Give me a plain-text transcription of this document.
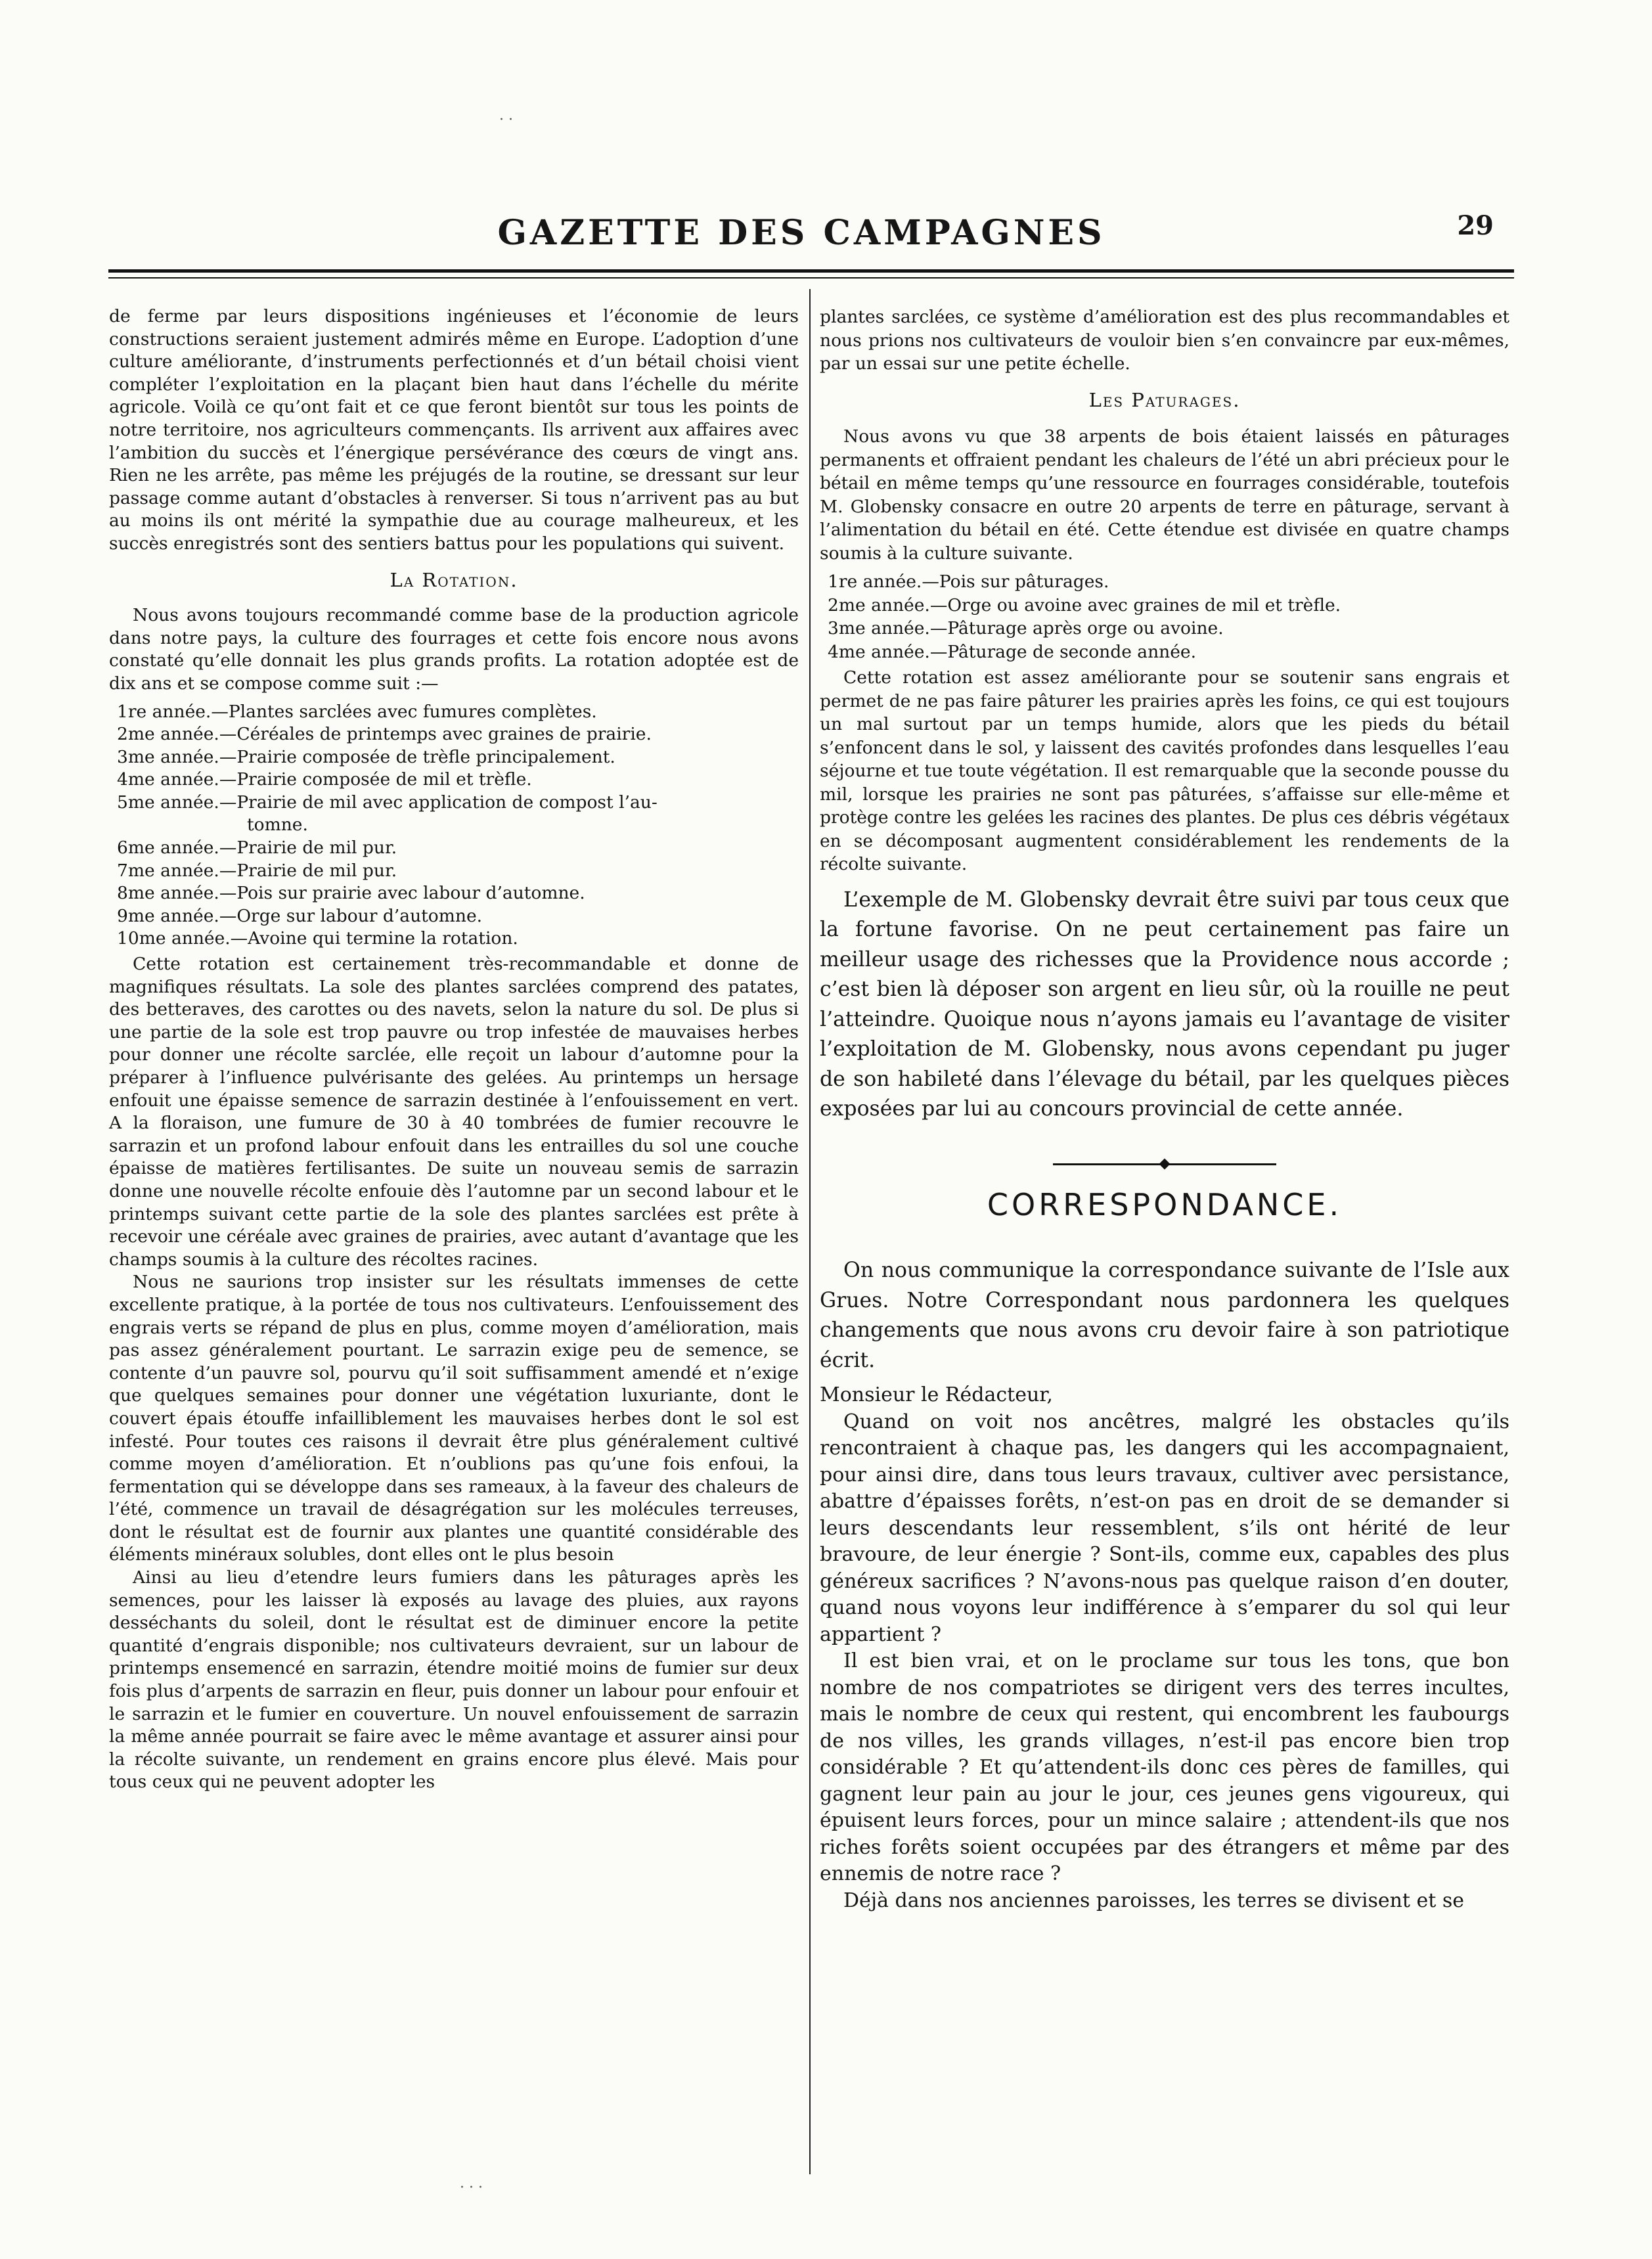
· ·
GAZETTE DES CAMPAGNES	29

de ferme par leurs dispositions ingénieuses et l’économie de leurs constructions seraient justement admirés même en Europe. L’adoption d’une culture améliorante, d’instruments perfectionnés et d’un bétail choisi vient compléter l’exploitation en la plaçant bien haut dans l’échelle du mérite agricole. Voilà ce qu’ont fait et ce que feront bientôt sur tous les points de notre territoire, nos agriculteurs commençants. Ils arrivent aux affaires avec l’ambition du succès et l’énergique persévérance des cœurs de vingt ans. Rien ne les arrête, pas même les préjugés de la routine, se dressant sur leur passage comme autant d’obstacles à renverser. Si tous n’arrivent pas au but au moins ils ont mérité la sympathie due au courage malheureux, et les succès enregistrés sont des sentiers battus pour les populations qui suivent.

La Rotation.

Nous avons toujours recommandé comme base de la production agricole dans notre pays, la culture des fourrages et cette fois encore nous avons constaté qu’elle donnait les plus grands profits. La rotation adoptée est de dix ans et se compose comme suit :—

1re année.—Plantes sarclées avec fumures complètes.
2me année.—Céréales de printemps avec graines de prairie.
3me année.—Prairie composée de trèfle principalement.
4me année.—Prairie composée de mil et trèfle.
5me année.—Prairie de mil avec application de compost l’au-
tomne.
6me année.—Prairie de mil pur.
7me année.—Prairie de mil pur.
8me année.—Pois sur prairie avec labour d’automne.
9me année.—Orge sur labour d’automne.
10me année.—Avoine qui termine la rotation.

Cette rotation est certainement très-recommandable et donne de magnifiques résultats. La sole des plantes sarclées comprend des patates, des betteraves, des carottes ou des navets, selon la nature du sol. De plus si une partie de la sole est trop pauvre ou trop infestée de mauvaises herbes pour donner une récolte sarclée, elle reçoit un labour d’automne pour la préparer à l’influence pulvérisante des gelées. Au printemps un hersage enfouit une épaisse semence de sarrazin destinée à l’enfouissement en vert. A la floraison, une fumure de 30 à 40 tombrées de fumier recouvre le sarrazin et un profond labour enfouit dans les entrailles du sol une couche épaisse de matières fertilisantes. De suite un nouveau semis de sarrazin donne une nouvelle récolte enfouie dès l’automne par un second labour et le printemps suivant cette partie de la sole des plantes sarclées est prête à recevoir une céréale avec graines de prairies, avec autant d’avantage que les champs soumis à la culture des récoltes racines.

Nous ne saurions trop insister sur les résultats immenses de cette excellente pratique, à la portée de tous nos cultivateurs. L’enfouissement des engrais verts se répand de plus en plus, comme moyen d’amélioration, mais pas assez généralement pourtant. Le sarrazin exige peu de semence, se contente d’un pauvre sol, pourvu qu’il soit suffisamment amendé et n’exige que quelques semaines pour donner une végétation luxuriante, dont le couvert épais étouffe infailliblement les mauvaises herbes dont le sol est infesté. Pour toutes ces raisons il devrait être plus généralement cultivé comme moyen d’amélioration. Et n’oublions pas qu’une fois enfoui, la fermentation qui se développe dans ses rameaux, à la faveur des chaleurs de l’été, commence un travail de désagrégation sur les molécules terreuses, dont le résultat est de fournir aux plantes une quantité considérable des éléments minéraux solubles, dont elles ont le plus besoin

Ainsi au lieu d’etendre leurs fumiers dans les pâturages après les semences, pour les laisser là exposés au lavage des pluies, aux rayons desséchants du soleil, dont le résultat est de diminuer encore la petite quantité d’engrais disponible; nos cultivateurs devraient, sur un labour de printemps ensemencé en sarrazin, étendre moitié moins de fumier sur deux fois plus d’arpents de sarrazin en fleur, puis donner un labour pour enfouir et le sarrazin et le fumier en couverture. Un nouvel enfouissement de sarrazin la même année pourrait se faire avec le même avantage et assurer ainsi pour la récolte suivante, un rendement en grains encore plus élevé. Mais pour tous ceux qui ne peuvent adopter les

plantes sarclées, ce système d’amélioration est des plus recommandables et nous prions nos cultivateurs de vouloir bien s’en convaincre par eux-mêmes, par un essai sur une petite échelle.

Les Paturages.

Nous avons vu que 38 arpents de bois étaient laissés en pâturages permanents et offraient pendant les chaleurs de l’été un abri précieux pour le bétail en même temps qu’une ressource en fourrages considérable, toutefois M. Globensky consacre en outre 20 arpents de terre en pâturage, servant à l’alimentation du bétail en été. Cette étendue est divisée en quatre champs soumis à la culture suivante.

1re année.—Pois sur pâturages.
2me année.—Orge ou avoine avec graines de mil et trèfle.
3me année.—Pâturage après orge ou avoine.
4me année.—Pâturage de seconde année.

Cette rotation est assez améliorante pour se soutenir sans engrais et permet de ne pas faire pâturer les prairies après les foins, ce qui est toujours un mal surtout par un temps humide, alors que les pieds du bétail s’enfoncent dans le sol, y laissent des cavités profondes dans lesquelles l’eau séjourne et tue toute végétation. Il est remarquable que la seconde pousse du mil, lorsque les prairies ne sont pas pâturées, s’affaisse sur elle-même et protège contre les gelées les racines des plantes. De plus ces débris végétaux en se décomposant augmentent considérablement les rendements de la récolte suivante.

L’exemple de M. Globensky devrait être suivi par tous ceux que la fortune favorise. On ne peut certainement pas faire un meilleur usage des richesses que la Providence nous accorde ; c’est bien là déposer son argent en lieu sûr, où la rouille ne peut l’atteindre. Quoique nous n’ayons jamais eu l’avantage de visiter l’exploitation de M. Globensky, nous avons cependant pu juger de son habileté dans l’élevage du bétail, par les quelques pièces exposées par lui au concours provincial de cette année.

CORRESPONDANCE.

On nous communique la correspondance suivante de l’Isle aux Grues. Notre Correspondant nous pardonnera les quelques changements que nous avons cru devoir faire à son patriotique écrit.

Monsieur le Rédacteur,

Quand on voit nos ancêtres, malgré les obstacles qu’ils rencontraient à chaque pas, les dangers qui les accompagnaient, pour ainsi dire, dans tous leurs travaux, cultiver avec persistance, abattre d’épaisses forêts, n’est-on pas en droit de se demander si leurs descendants leur ressemblent, s’ils ont hérité de leur bravoure, de leur énergie ? Sont-ils, comme eux, capables des plus généreux sacrifices ? N’avons-nous pas quelque raison d’en douter, quand nous voyons leur indifférence à s’emparer du sol qui leur appartient ?

Il est bien vrai, et on le proclame sur tous les tons, que bon nombre de nos compatriotes se dirigent vers des terres incultes, mais le nombre de ceux qui restent, qui encombrent les faubourgs de nos villes, les grands villages, n’est-il pas encore bien trop considérable ? Et qu’attendent-ils donc ces pères de familles, qui gagnent leur pain au jour le jour, ces jeunes gens vigoureux, qui épuisent leurs forces, pour un mince salaire ; attendent-ils que nos riches forêts soient occupées par des étrangers et même par des ennemis de notre race ?

Déjà dans nos anciennes paroisses, les terres se divisent et se

· · ·
